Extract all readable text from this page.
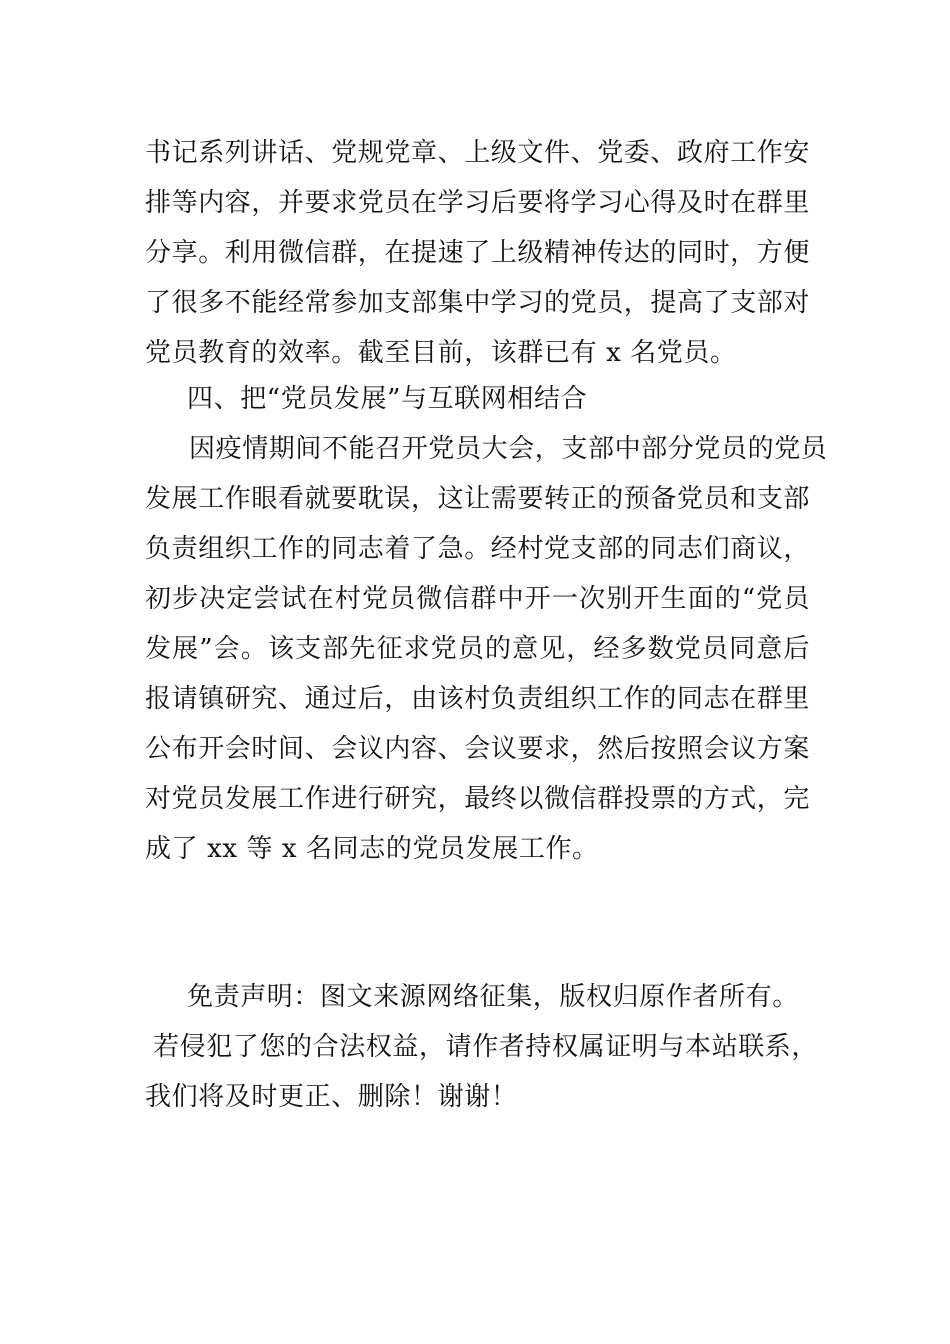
书记系列讲话、党规党章、上级文件、党委、政府工作安
排等内容，并要求党员在学习后要将学习心得及时在群里
分享。利用微信群，在提速了上级精神传达的同时，方便
了很多不能经常参加支部集中学习的党员，提高了支部对
党员教育的效率。截至目前，该群已有 x 名党员。
四、把“党员发展”与互联网相结合
因疫情期间不能召开党员大会，支部中部分党员的党员
发展工作眼看就要耽误，这让需要转正的预备党员和支部
负责组织工作的同志着了急。经村党支部的同志们商议，
初步决定尝试在村党员微信群中开一次别开生面的“党员
发展”会。该支部先征求党员的意见，经多数党员同意后
报请镇研究、通过后，由该村负责组织工作的同志在群里
公布开会时间、会议内容、会议要求，然后按照会议方案
对党员发展工作进行研究，最终以微信群投票的方式，完
成了 xx 等 x 名同志的党员发展工作。
免责声明：图文来源网络征集，版权归原作者所有。
若侵犯了您的合法权益，请作者持权属证明与本站联系，
我们将及时更正、删除！谢谢！
